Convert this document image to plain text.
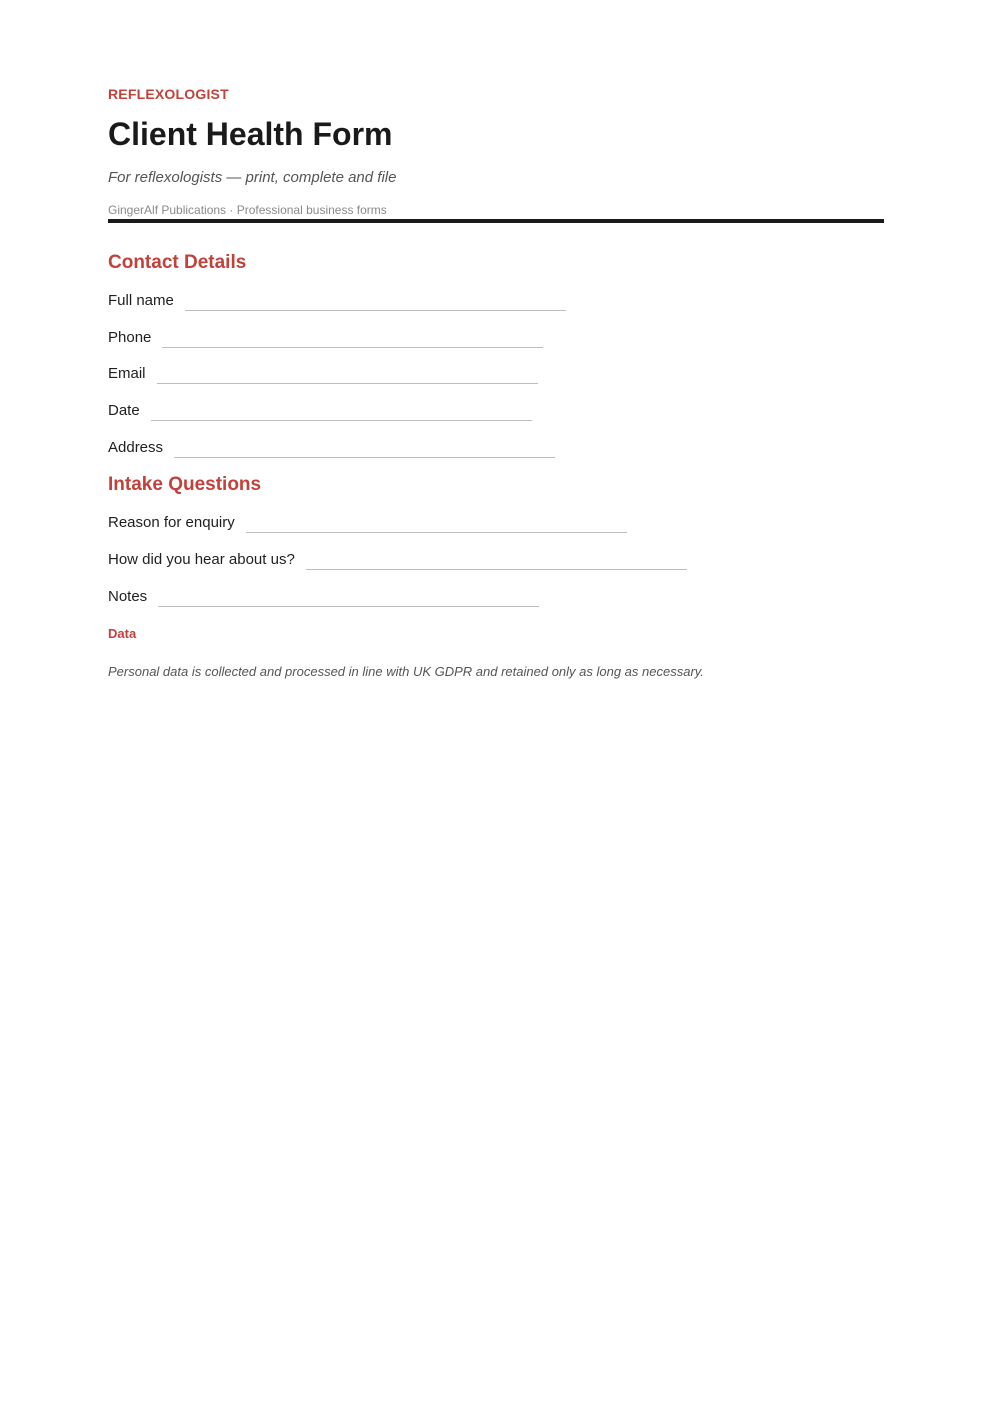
REFLEXOLOGIST
Client Health Form
For reflexologists — print, complete and file
GingerAlf Publications · Professional business forms
Contact Details
Full name
Phone
Email
Date
Address
Intake Questions
Reason for enquiry
How did you hear about us?
Notes
Data
Personal data is collected and processed in line with UK GDPR and retained only as long as necessary.
